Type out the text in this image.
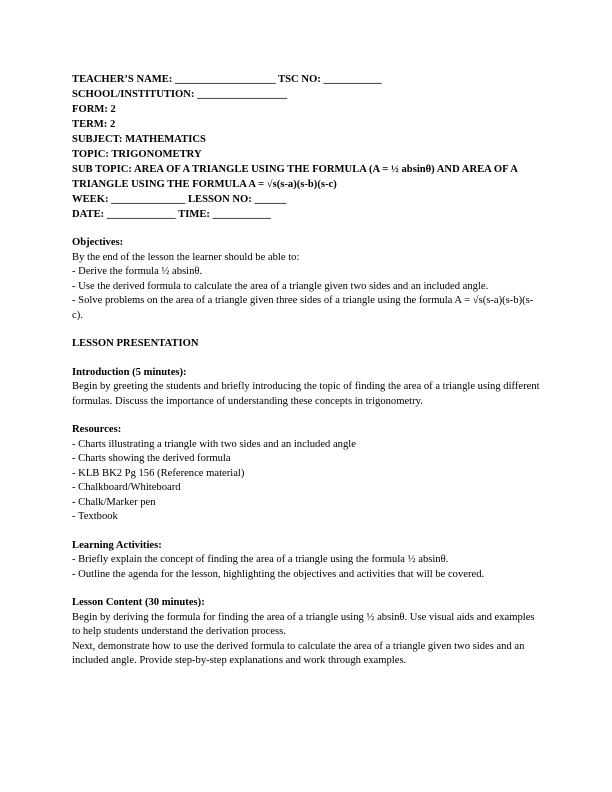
TEACHER’S NAME: ___________________ TSC NO: ___________
SCHOOL/INSTITUTION: _________________
FORM: 2
TERM: 2
SUBJECT: MATHEMATICS
TOPIC: TRIGONOMETRY
SUB TOPIC: AREA OF A TRIANGLE USING THE FORMULA (A = ½ absinθ) AND AREA OF A TRIANGLE USING THE FORMULA A = √s(s-a)(s-b)(s-c)
WEEK: ______________ LESSON NO: ______
DATE: _____________ TIME: ___________
Objectives:

By the end of the lesson the learner should be able to:

- Derive the formula ½ absinθ.
- Use the derived formula to calculate the area of a triangle given two sides and an included angle.
- Solve problems on the area of a triangle given three sides of a triangle using the formula A = √s(s-a)(s-b)(s-c).
LESSON PRESENTATION
Introduction (5 minutes):

Begin by greeting the students and briefly introducing the topic of finding the area of a triangle using different formulas. Discuss the importance of understanding these concepts in trigonometry.

Resources:
- Charts illustrating a triangle with two sides and an included angle
- Charts showing the derived formula
- KLB BK2 Pg 156 (Reference material)
- Chalkboard/Whiteboard
- Chalk/Marker pen
- Textbook
Learning Activities:
- Briefly explain the concept of finding the area of a triangle using the formula ½ absinθ.
- Outline the agenda for the lesson, highlighting the objectives and activities that will be covered.
Lesson Content (30 minutes):

Begin by deriving the formula for finding the area of a triangle using ½ absinθ. Use visual aids and examples to help students understand the derivation process.

Next, demonstrate how to use the derived formula to calculate the area of a triangle given two sides and an included angle. Provide step-by-step explanations and work through examples.
